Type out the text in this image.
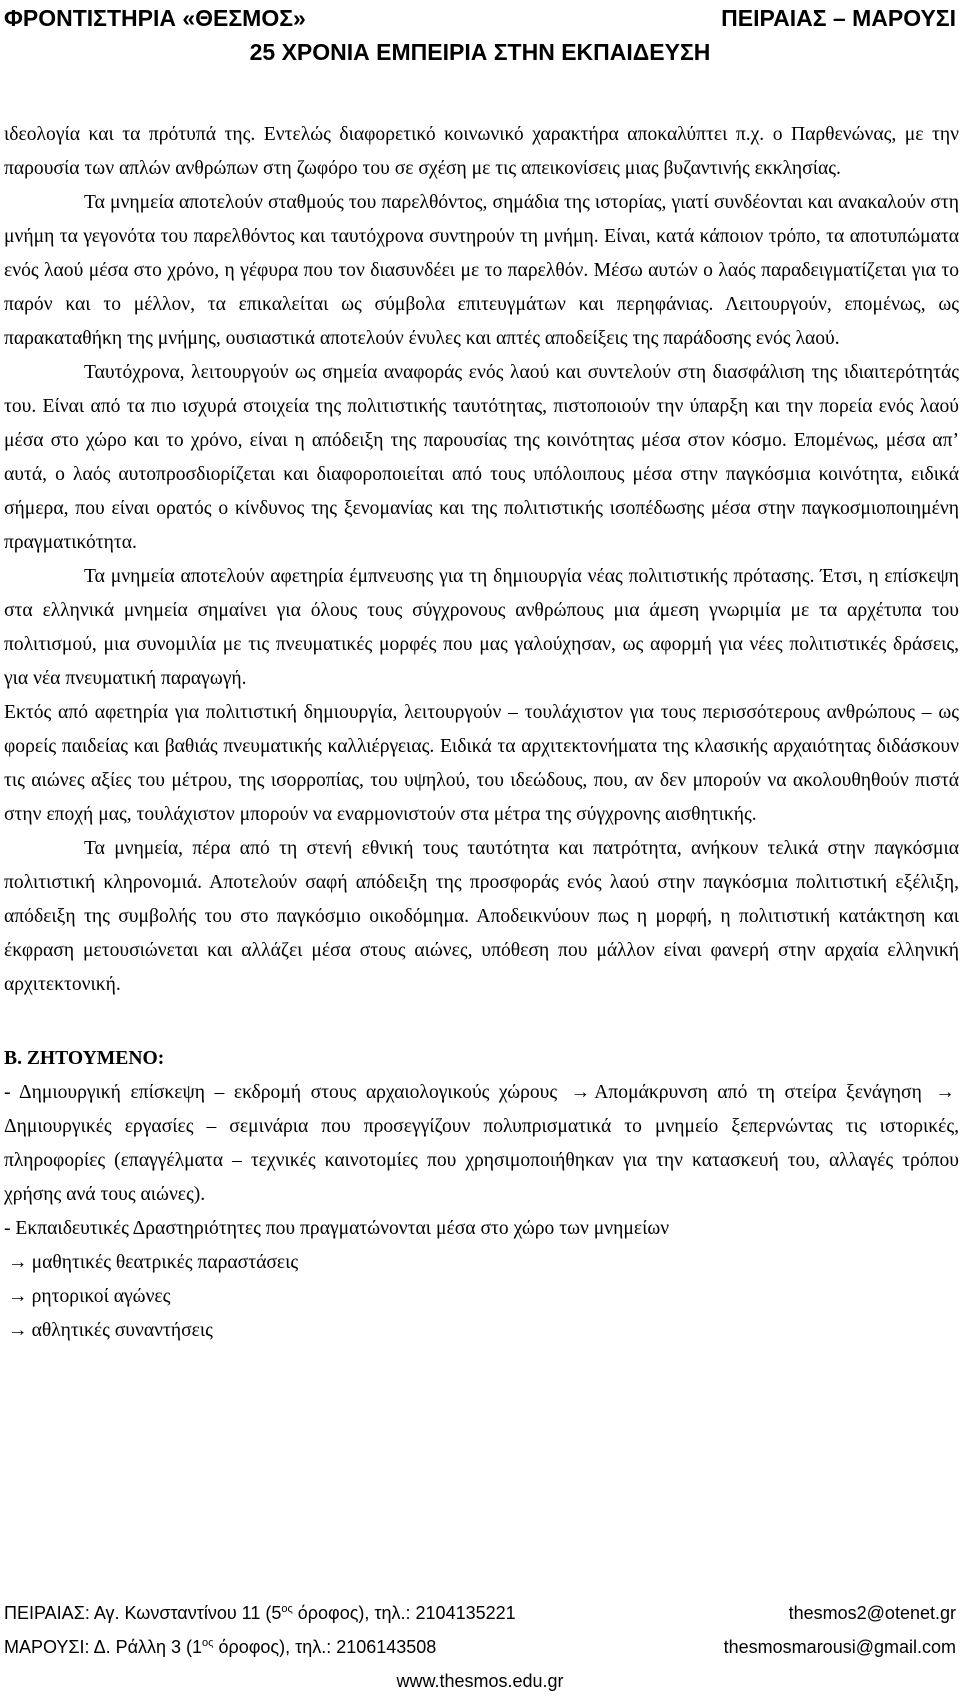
ΦΡΟΝΤΙΣΤΗΡΙΑ «ΘΕΣΜΟΣ»	ΠΕΙΡΑΙΑΣ – ΜΑΡΟΥΣΙ
25 ΧΡΟΝΙΑ ΕΜΠΕΙΡΙΑ ΣΤΗΝ ΕΚΠΑΙΔΕΥΣΗ

ιδεολογία και τα πρότυπά της. Εντελώς διαφορετικό κοινωνικό χαρακτήρα αποκαλύπτει π.χ. ο Παρθενώνας, με την παρουσία των απλών ανθρώπων στη ζωφόρο του σε σχέση με τις απεικονίσεις μιας βυζαντινής εκκλησίας.

Τα μνημεία αποτελούν σταθμούς του παρελθόντος, σημάδια της ιστορίας, γιατί συνδέονται και ανακαλούν στη μνήμη τα γεγονότα του παρελθόντος και ταυτόχρονα συντηρούν τη μνήμη. Είναι, κατά κάποιον τρόπο, τα αποτυπώματα ενός λαού μέσα στο χρόνο, η γέφυρα που τον διασυνδέει με το παρελθόν. Μέσω αυτών ο λαός παραδειγματίζεται για το παρόν και το μέλλον, τα επικαλείται ως σύμβολα επιτευγμάτων και περηφάνιας. Λειτουργούν, επομένως, ως παρακαταθήκη της μνήμης, ουσιαστικά αποτελούν ένυλες και απτές αποδείξεις της παράδοσης ενός λαού.

Ταυτόχρονα, λειτουργούν ως σημεία αναφοράς ενός λαού και συντελούν στη διασφάλιση της ιδιαιτερότητάς του. Είναι από τα πιο ισχυρά στοιχεία της πολιτιστικής ταυτότητας, πιστοποιούν την ύπαρξη και την πορεία ενός λαού μέσα στο χώρο και το χρόνο, είναι η απόδειξη της παρουσίας της κοινότητας μέσα στον κόσμο. Επομένως, μέσα απ’ αυτά, ο λαός αυτοπροσδιορίζεται και διαφοροποιείται από τους υπόλοιπους μέσα στην παγκόσμια κοινότητα, ειδικά σήμερα, που είναι ορατός ο κίνδυνος της ξενομανίας και της πολιτιστικής ισοπέδωσης μέσα στην παγκοσμιοποιημένη πραγματικότητα.

Τα μνημεία αποτελούν αφετηρία έμπνευσης για τη δημιουργία νέας πολιτιστικής πρότασης. Έτσι, η επίσκεψη στα ελληνικά μνημεία σημαίνει για όλους τους σύγχρονους ανθρώπους μια άμεση γνωριμία με τα αρχέτυπα του πολιτισμού, μια συνομιλία με τις πνευματικές μορφές που μας γαλούχησαν, ως αφορμή για νέες πολιτιστικές δράσεις, για νέα πνευματική παραγωγή.

Εκτός από αφετηρία για πολιτιστική δημιουργία, λειτουργούν – τουλάχιστον για τους περισσότερους ανθρώπους – ως φορείς παιδείας και βαθιάς πνευματικής καλλιέργειας. Ειδικά τα αρχιτεκτονήματα της κλασικής αρχαιότητας διδάσκουν τις αιώνες αξίες του μέτρου, της ισορροπίας, του υψηλού, του ιδεώδους, που, αν δεν μπορούν να ακολουθηθούν πιστά στην εποχή μας, τουλάχιστον μπορούν να εναρμονιστούν στα μέτρα της σύγχρονης αισθητικής.

Τα μνημεία, πέρα από τη στενή εθνική τους ταυτότητα και πατρότητα, ανήκουν τελικά στην παγκόσμια πολιτιστική κληρονομιά. Αποτελούν σαφή απόδειξη της προσφοράς ενός λαού στην παγκόσμια πολιτιστική εξέλιξη, απόδειξη της συμβολής του στο παγκόσμιο οικοδόμημα. Αποδεικνύουν πως η μορφή, η πολιτιστική κατάκτηση και έκφραση μετουσιώνεται και αλλάζει μέσα στους αιώνες, υπόθεση που μάλλον είναι φανερή στην αρχαία ελληνική αρχιτεκτονική.

Β. ΖΗΤΟΥΜΕΝΟ:

- Δημιουργική επίσκεψη – εκδρομή στους αρχαιολογικούς χώρους → Απομάκρυνση από τη στείρα ξενάγηση →Δημιουργικές εργασίες – σεμινάρια που προσεγγίζουν πολυπρισματικά το μνημείο ξεπερνώντας τις ιστορικές, πληροφορίες (επαγγέλματα – τεχνικές καινοτομίες που χρησιμοποιήθηκαν για την κατασκευή του, αλλαγές τρόπου χρήσης ανά τους αιώνες).

- Εκπαιδευτικές Δραστηριότητες που πραγματώνονται μέσα στο χώρο των μνημείων

→ μαθητικές θεατρικές παραστάσεις

→ ρητορικοί αγώνες

→ αθλητικές συναντήσεις

ΠΕΙΡΑΙΑΣ: Αγ. Κωνσταντίνου 11 ($5^{o\varsigma}$ όροφος), τηλ.: 2104135221	thesmos2@otenet.gr
ΜΑΡΟΥΣΙ: Δ. Ράλλη 3 ($1^{o\varsigma}$ όροφος), τηλ.: 2106143508	thesmosmarousi@gmail.com
www.thesmos.edu.gr
